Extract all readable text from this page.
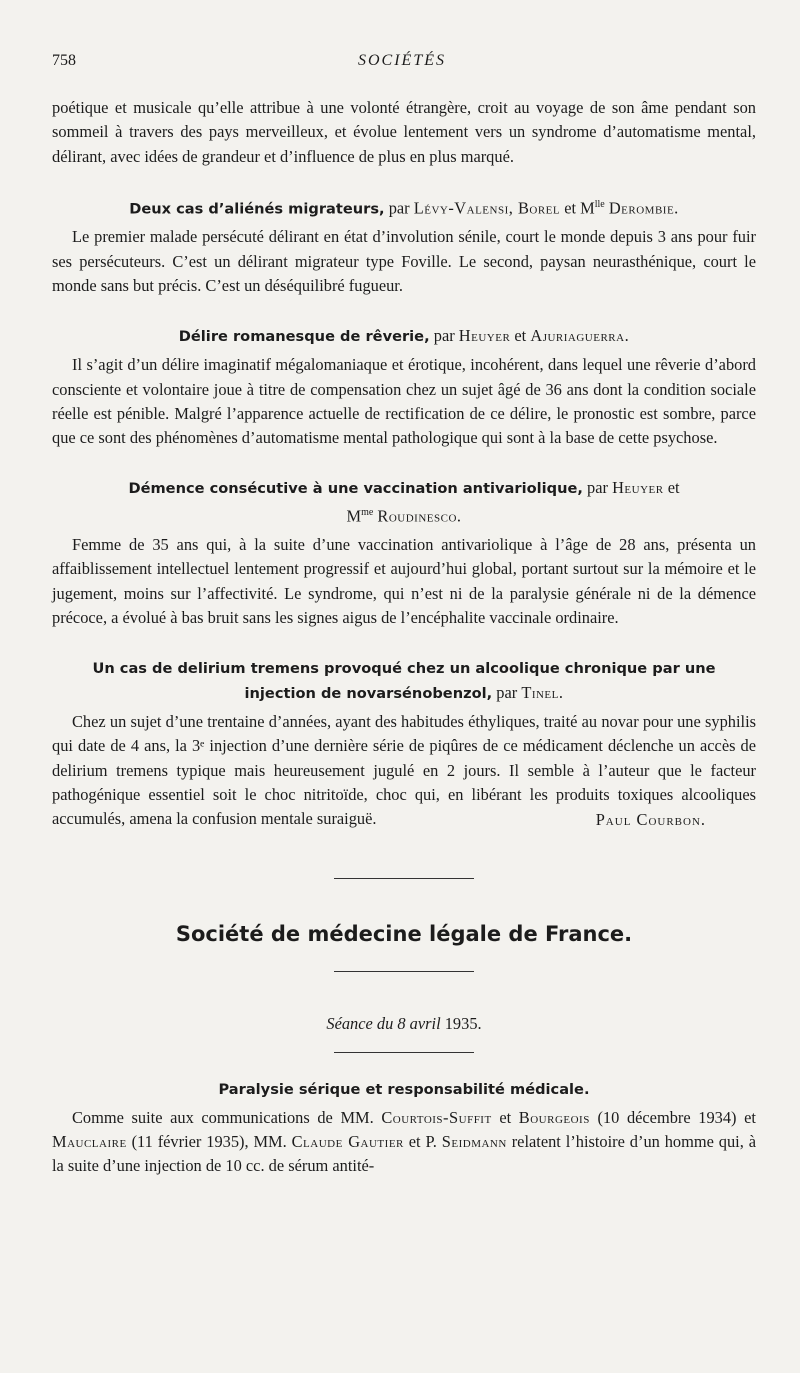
758	SOCIÉTÉS

poétique et musicale qu’elle attribue à une volonté étrangère, croit au voyage de son âme pendant son sommeil à travers des pays merveilleux, et évolue lentement vers un syndrome d’automatisme mental, délirant, avec idées de grandeur et d’influence de plus en plus marqué.

Deux cas d’aliénés migrateurs, par Lévy-Valensi, Borel et $M^{lle}$ Derombie.

Le premier malade persécuté délirant en état d’involution sénile, court le monde depuis 3 ans pour fuir ses persécuteurs. C’est un délirant migrateur type Foville. Le second, paysan neurasthénique, court le monde sans but précis. C’est un déséquilibré fugueur.

Délire romanesque de rêverie, par Heuyer et Ajuriaguerra.

Il s’agit d’un délire imaginatif mégalomaniaque et érotique, incohérent, dans lequel une rêverie d’abord consciente et volontaire joue à titre de compensation chez un sujet âgé de 36 ans dont la condition sociale réelle est pénible. Malgré l’apparence actuelle de rectification de ce délire, le pronostic est sombre, parce que ce sont des phénomènes d’automatisme mental pathologique qui sont à la base de cette psychose.

Démence consécutive à une vaccination antivariolique, par Heuyer et
$M^{me}$ Roudinesco.

Femme de 35 ans qui, à la suite d’une vaccination antivariolique à l’âge de 28 ans, présenta un affaiblissement intellectuel lentement progressif et aujourd’hui global, portant surtout sur la mémoire et le jugement, moins sur l’affectivité. Le syndrome, qui n’est ni de la paralysie générale ni de la démence précoce, a évolué à bas bruit sans les signes aigus de l’encéphalite vaccinale ordinaire.

Un cas de delirium tremens provoqué chez un alcoolique chronique par une
injection de novarsénobenzol, par Tinel.

Chez un sujet d’une trentaine d’années, ayant des habitudes éthyliques, traité au novar pour une syphilis qui date de 4 ans, la 3ᵉ injection d’une dernière série de piqûres de ce médicament déclenche un accès de delirium tremens typique mais heureusement jugulé en 2 jours. Il semble à l’auteur que le facteur pathogénique essentiel soit le choc nitritoïde, choc qui, en libérant les produits toxiques alcooliques accumulés, amena la confusion mentale suraiguë.	Paul Courbon.
Société de médecine légale de France.
Séance du 8 avril 1935.
Paralysie sérique et responsabilité médicale.

Comme suite aux communications de MM. Courtois-Suffit et Bourgeois (10 décembre 1934) et Mauclaire (11 février 1935), MM. Claude Gautier et P. Seidmann relatent l’histoire d’un homme qui, à la suite d’une injection de 10 cc. de sérum antité-
